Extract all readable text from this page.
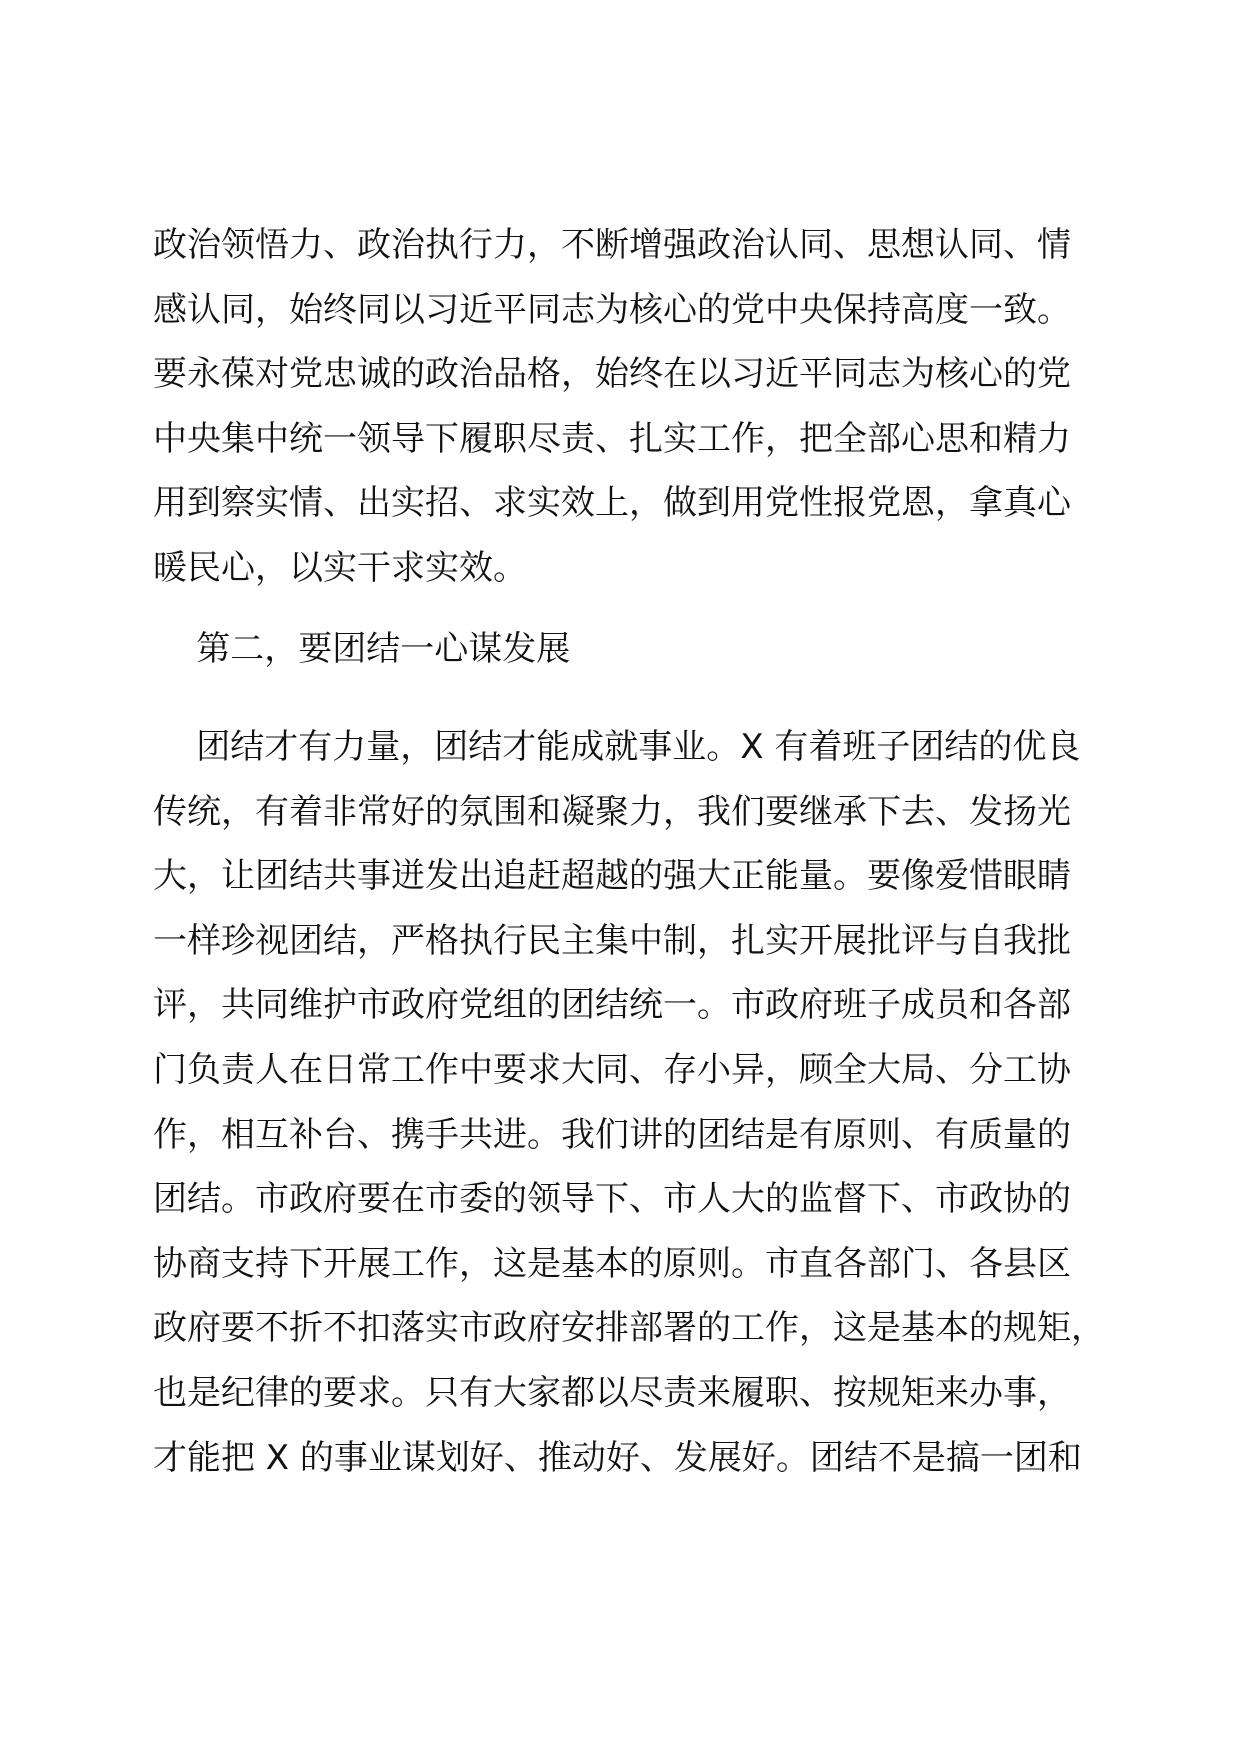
政治领悟力、政治执行力，不断增强政治认同、思想认同、情
感认同，始终同以习近平同志为核心的党中央保持高度一致。
要永葆对党忠诚的政治品格，始终在以习近平同志为核心的党
中央集中统一领导下履职尽责、扎实工作，把全部心思和精力
用到察实情、出实招、求实效上，做到用党性报党恩，拿真心
暖民心，以实干求实效。
第二，要团结一心谋发展
团结才有力量，团结才能成就事业。X 有着班子团结的优良
传统，有着非常好的氛围和凝聚力，我们要继承下去、发扬光
大，让团结共事迸发出追赶超越的强大正能量。要像爱惜眼睛
一样珍视团结，严格执行民主集中制，扎实开展批评与自我批
评，共同维护市政府党组的团结统一。市政府班子成员和各部
门负责人在日常工作中要求大同、存小异，顾全大局、分工协
作，相互补台、携手共进。我们讲的团结是有原则、有质量的
团结。市政府要在市委的领导下、市人大的监督下、市政协的
协商支持下开展工作，这是基本的原则。市直各部门、各县区
政府要不折不扣落实市政府安排部署的工作，这是基本的规矩，
也是纪律的要求。只有大家都以尽责来履职、按规矩来办事，
才能把 X 的事业谋划好、推动好、发展好。团结不是搞一团和
